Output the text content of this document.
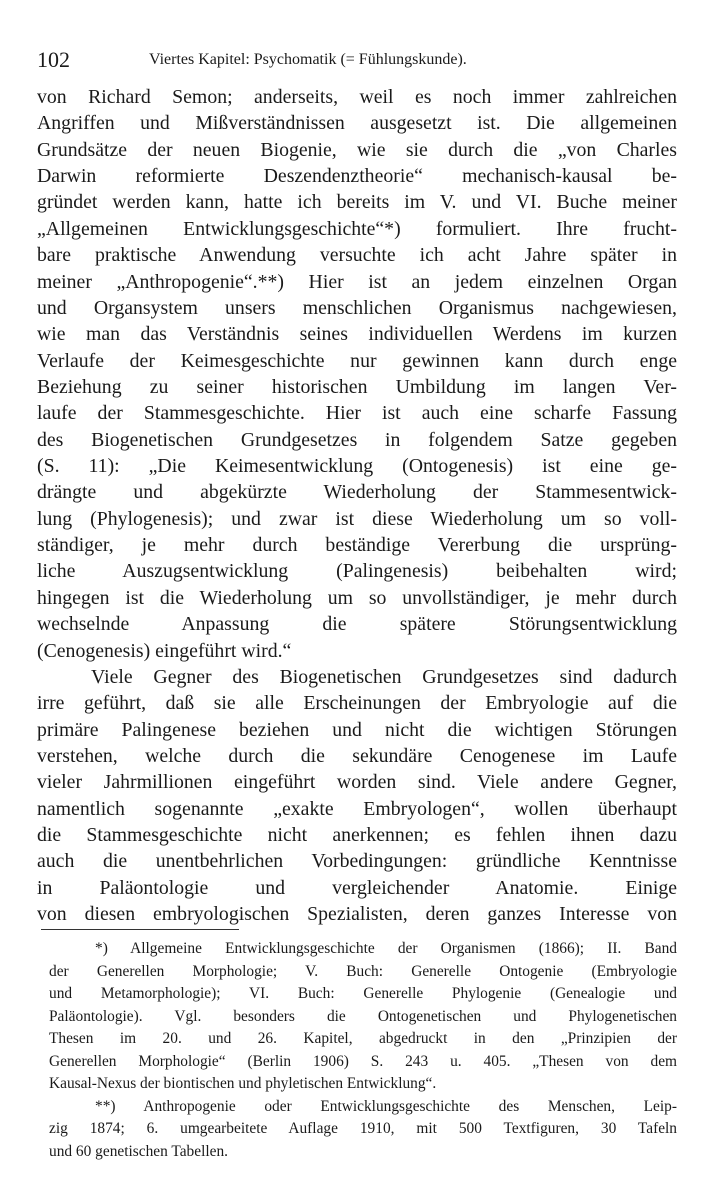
102	Viertes Kapitel: Psychomatik (= Fühlungskunde).
von Richard Semon; anderseits, weil es noch immer zahlreichen
Angriffen und Mißverständnissen ausgesetzt ist. Die allgemeinen
Grundsätze der neuen Biogenie, wie sie durch die „von Charles
Darwin reformierte Deszendenztheorie“ mechanisch-kausal be-
gründet werden kann, hatte ich bereits im V. und VI. Buche meiner
„Allgemeinen Entwicklungsgeschichte“*) formuliert. Ihre frucht-
bare praktische Anwendung versuchte ich acht Jahre später in
meiner „Anthropogenie“.**) Hier ist an jedem einzelnen Organ
und Organsystem unsers menschlichen Organismus nachgewiesen,
wie man das Verständnis seines individuellen Werdens im kurzen
Verlaufe der Keimesgeschichte nur gewinnen kann durch enge
Beziehung zu seiner historischen Umbildung im langen Ver-
laufe der Stammesgeschichte. Hier ist auch eine scharfe Fassung
des Biogenetischen Grundgesetzes in folgendem Satze gegeben
(S. 11): „Die Keimesentwicklung (Ontogenesis) ist eine ge-
drängte und abgekürzte Wiederholung der Stammesentwick-
lung (Phylogenesis); und zwar ist diese Wiederholung um so voll-
ständiger, je mehr durch beständige Vererbung die ursprüng-
liche Auszugsentwicklung (Palingenesis) beibehalten wird;
hingegen ist die Wiederholung um so unvollständiger, je mehr durch
wechselnde Anpassung die spätere Störungsentwicklung
(Cenogenesis) eingeführt wird.“
Viele Gegner des Biogenetischen Grundgesetzes sind dadurch
irre geführt, daß sie alle Erscheinungen der Embryologie auf die
primäre Palingenese beziehen und nicht die wichtigen Störungen
verstehen, welche durch die sekundäre Cenogenese im Laufe
vieler Jahrmillionen eingeführt worden sind. Viele andere Gegner,
namentlich sogenannte „exakte Embryologen“, wollen überhaupt
die Stammesgeschichte nicht anerkennen; es fehlen ihnen dazu
auch die unentbehrlichen Vorbedingungen: gründliche Kenntnisse
in Paläontologie und vergleichender Anatomie. Einige
von diesen embryologischen Spezialisten, deren ganzes Interesse von
*) Allgemeine Entwicklungsgeschichte der Organismen (1866); II. Band
der Generellen Morphologie; V. Buch: Generelle Ontogenie (Embryologie
und Metamorphologie); VI. Buch: Generelle Phylogenie (Genealogie und
Paläontologie). Vgl. besonders die Ontogenetischen und Phylogenetischen
Thesen im 20. und 26. Kapitel, abgedruckt in den „Prinzipien der
Generellen Morphologie“ (Berlin 1906) S. 243 u. 405. „Thesen von dem
Kausal-Nexus der biontischen und phyletischen Entwicklung“.
**) Anthropogenie oder Entwicklungsgeschichte des Menschen, Leip-
zig 1874; 6. umgearbeitete Auflage 1910, mit 500 Textfiguren, 30 Tafeln
und 60 genetischen Tabellen.
